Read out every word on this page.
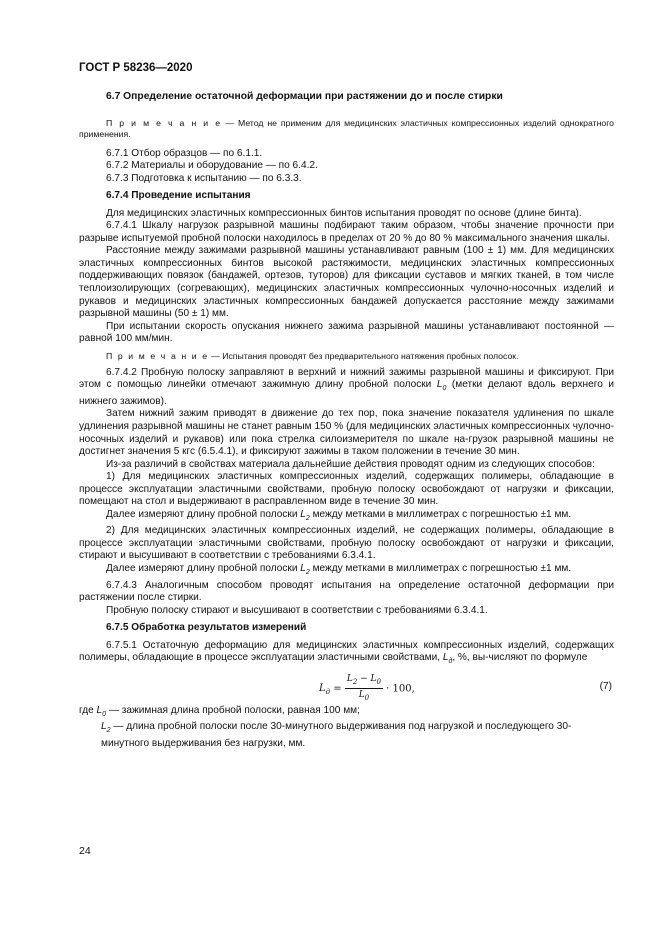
ГОСТ Р 58236—2020

6.7 Определение остаточной деформации при растяжении до и после стирки

П р и м е ч а н и е — Метод не применим для медицинских эластичных компрессионных изделий однократного применения.

6.7.1 Отбор образцов — по 6.1.1.

6.7.2 Материалы и оборудование — по 6.4.2.

6.7.3 Подготовка к испытанию — по 6.3.3.

6.7.4 Проведение испытания

Для медицинских эластичных компрессионных бинтов испытания проводят по основе (длине бинта).

6.7.4.1 Шкалу нагрузок разрывной машины подбирают таким образом, чтобы значение прочности при разрыве испытуемой пробной полоски находилось в пределах от 20 % до 80 % максимального значения шкалы.

Расстояние между зажимами разрывной машины устанавливают равным (100 ± 1) мм. Для медицинских эластичных компрессионных бинтов высокой растяжимости, медицинских эластичных компрессионных поддерживающих повязок (бандажей, ортезов, туторов) для фиксации суставов и мягких тканей, в том числе теплоизолирующих (согревающих), медицинских эластичных компрессионных чулочно-носочных изделий и рукавов и медицинских эластичных компрессионных бандажей допускается расстояние между зажимами разрывной машины (50 ± 1) мм.

При испытании скорость опускания нижнего зажима разрывной машины устанавливают постоянной — равной 100 мм/мин.

П р и м е ч а н и е — Испытания проводят без предварительного натяжения пробных полосок.

6.7.4.2 Пробную полоску заправляют в верхний и нижний зажимы разрывной машины и фиксируют. При этом с помощью линейки отмечают зажимную длину пробной полоски $L_0$ (метки делают вдоль верхнего и нижнего зажимов).

Затем нижний зажим приводят в движение до тех пор, пока значение показателя удлинения по шкале удлинения разрывной машины не станет равным 150 % (для медицинских эластичных компрессионных чулочно-носочных изделий и рукавов) или пока стрелка силоизмерителя по шкале на-грузок разрывной машины не достигнет значения 5 кгс (6.5.4.1), и фиксируют зажимы в таком положении в течение 30 мин.

Из-за различий в свойствах материала дальнейшие действия проводят одним из следующих способов:

1) Для медицинских эластичных компрессионных изделий, содержащих полимеры, обладающие в процессе эксплуатации эластичными свойствами, пробную полоску освобождают от нагрузки и фиксации, помещают на стол и выдерживают в расправленном виде в течение 30 мин.

Далее измеряют длину пробной полоски $L_2$ между метками в миллиметрах с погрешностью ±1 мм.

2) Для медицинских эластичных компрессионных изделий, не содержащих полимеры, обладающие в процессе эксплуатации эластичными свойствами, пробную полоску освобождают от нагрузки и фиксации, стирают и высушивают в соответствии с требованиями 6.3.4.1.

Далее измеряют длину пробной полоски $L_2$ между метками в миллиметрах с погрешностью ±1 мм.

6.7.4.3 Аналогичным способом проводят испытания на определение остаточной деформации при растяжении после стирки.

Пробную полоску стирают и высушивают в соответствии с требованиями 6.3.4.1.

6.7.5 Обработка результатов измерений

6.7.5.1 Остаточную деформацию для медицинских эластичных компрессионных изделий, содержащих полимеры, обладающие в процессе эксплуатации эластичными свойствами, $L_д$, %, вы-числяют по формуле

$L_д = \frac{L_2 - L_0}{L_0} \cdot 100$,	(7)

где $L_0$ — зажимная длина пробной полоски, равная 100 мм;

$L_2$ — длина пробной полоски после 30-минутного выдерживания под нагрузкой и последующего 30-минутного выдерживания без нагрузки, мм.

24
